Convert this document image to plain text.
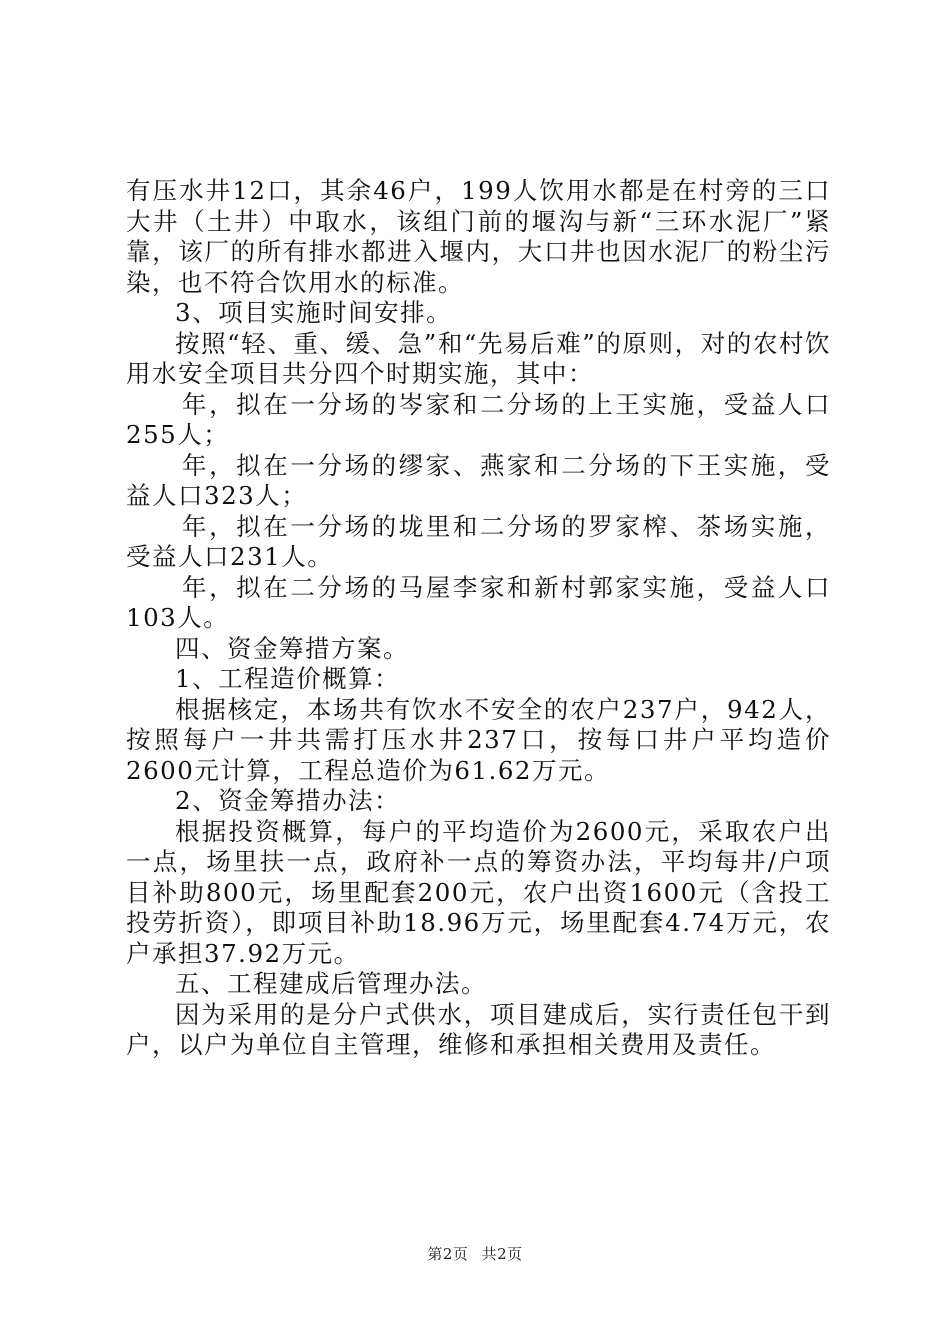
有压水井12口，其余46户，199人饮用水都是在村旁的三口大井（土井）中取水，该组门前的堰沟与新“三环水泥厂”紧靠，该厂的所有排水都进入堰内，大口井也因水泥厂的粉尘污染，也不符合饮用水的标准。

3、项目实施时间安排。

按照“轻、重、缓、急”和“先易后难”的原则，对的农村饮用水安全项目共分四个时期实施，其中：

年，拟在一分场的岑家和二分场的上王实施，受益人口255人；

年，拟在一分场的缪家、燕家和二分场的下王实施，受益人口323人；

年，拟在一分场的垅里和二分场的罗家榨、茶场实施，受益人口231人。

年，拟在二分场的马屋李家和新村郭家实施，受益人口103人。

四、资金筹措方案。

1、工程造价概算：

根据核定，本场共有饮水不安全的农户237户，942人，按照每户一井共需打压水井237口，按每口井户平均造价2600元计算，工程总造价为61.62万元。

2、资金筹措办法：

根据投资概算，每户的平均造价为2600元，采取农户出一点，场里扶一点，政府补一点的筹资办法，平均每井/户项目补助800元，场里配套200元，农户出资1600元（含投工投劳折资），即项目补助18.96万元，场里配套4.74万元，农户承担37.92万元。

五、工程建成后管理办法。

因为采用的是分户式供水，项目建成后，实行责任包干到户，以户为单位自主管理，维修和承担相关费用及责任。

第2页 共2页
